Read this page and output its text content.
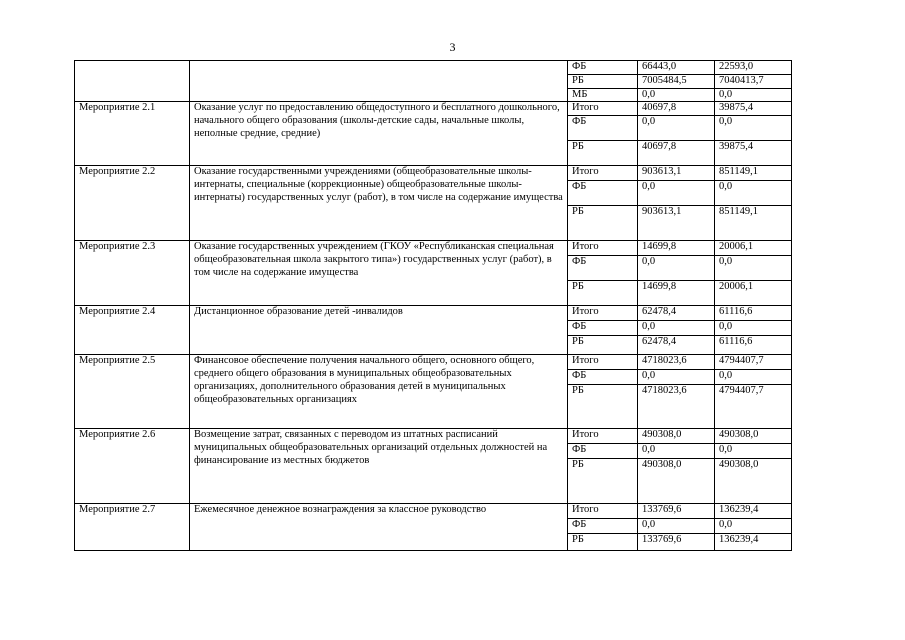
3
		ФБ	66443,0	22593,0
		РБ	7005484,5	7040413,7
		МБ	0,0	0,0
Мероприятие 2.1	Оказание услуг по предоставлению общедоступного и бесплатного дошкольного, начального общего образования (школы-детские сады, начальные школы, неполные средние, средние)	Итого	40697,8	39875,4
		ФБ	0,0	0,0
		РБ	40697,8	39875,4
Мероприятие 2.2	Оказание государственными учреждениями (общеобразовательные школы-интернаты, специальные (коррекционные) общеобразовательные школы-интернаты) государственных услуг (работ), в том числе на содержание имущества	Итого	903613,1	851149,1
		ФБ	0,0	0,0
		РБ	903613,1	851149,1
Мероприятие 2.3	Оказание государственных учреждением (ГКОУ «Республиканская специальная общеобразовательная школа закрытого типа») государственных услуг (работ), в том числе на содержание имущества	Итого	14699,8	20006,1
		ФБ	0,0	0,0
		РБ	14699,8	20006,1
Мероприятие 2.4	Дистанционное образование детей -инвалидов	Итого	62478,4	61116,6
		ФБ	0,0	0,0
		РБ	62478,4	61116,6
Мероприятие 2.5	Финансовое обеспечение получения начального общего, основного общего, среднего общего образования в муниципальных общеобразовательных организациях, дополнительного образования детей в муниципальных общеобразовательных организациях	Итого	4718023,6	4794407,7
		ФБ	0,0	0,0
		РБ	4718023,6	4794407,7
Мероприятие 2.6	Возмещение затрат, связанных с переводом из штатных расписаний муниципальных общеобразовательных организаций отдельных должностей на финансирование из местных бюджетов	Итого	490308,0	490308,0
		ФБ	0,0	0,0
		РБ	490308,0	490308,0
Мероприятие 2.7	Ежемесячное денежное вознаграждения за классное руководство	Итого	133769,6	136239,4
		ФБ	0,0	0,0
		РБ	133769,6	136239,4
